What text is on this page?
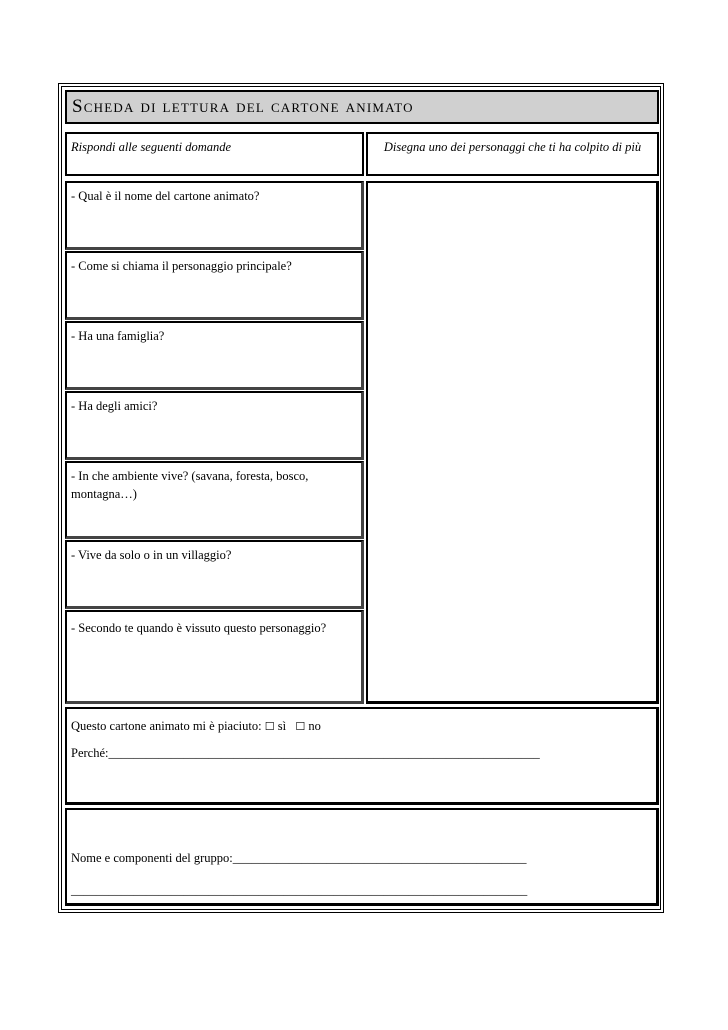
Scheda di lettura del cartone animato
Rispondi alle seguenti domande	Disegna uno dei personaggi che ti ha colpito di più
- Qual è il nome del cartone animato?
- Come si chiama il personaggio principale?
- Ha una famiglia?
- Ha degli amici?
- In che ambiente vive? (savana, foresta, bosco, montagna…)
- Vive da solo o in un villaggio?
- Secondo te quando è vissuto questo personaggio?
Questo cartone animato mi è piaciuto: ☐ sì ☐ no
Perché:_____________________________________________________________________
Nome e componenti del gruppo:_______________________________________________
_________________________________________________________________________
